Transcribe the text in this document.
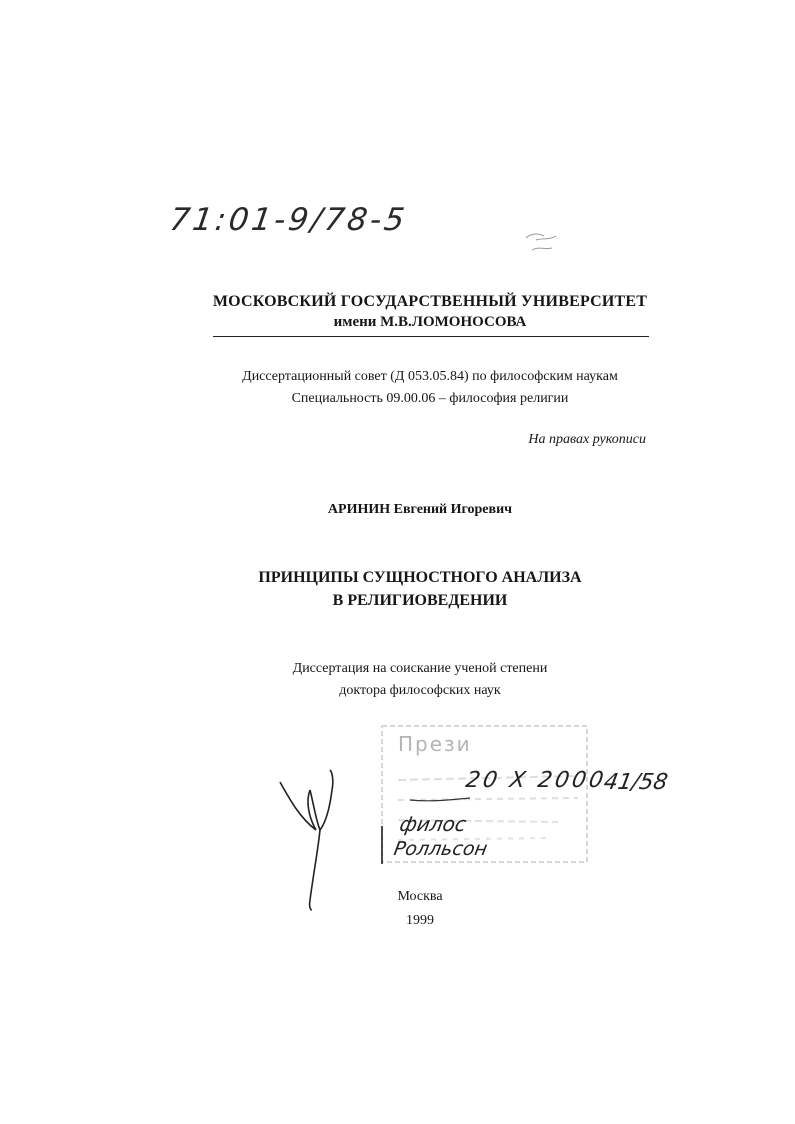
71:01-9/78-5
МОСКОВСКИЙ ГОСУДАРСТВЕННЫЙ УНИВЕРСИТЕТ
имени М.В.ЛОМОНОСОВА
Диссертационный совет (Д 053.05.84) по философским наукам
Специальность 09.00.06 – философия религии
На правах рукописи
АРИНИН Евгений Игоревич
ПРИНЦИПЫ СУЩНОСТНОГО АНАЛИЗА
В РЕЛИГИОВЕДЕНИИ
Диссертация на соискание ученой степени
доктора философских наук
Прези
20 X 2000
41/58
филос
Ролльсон
Москва
1999
